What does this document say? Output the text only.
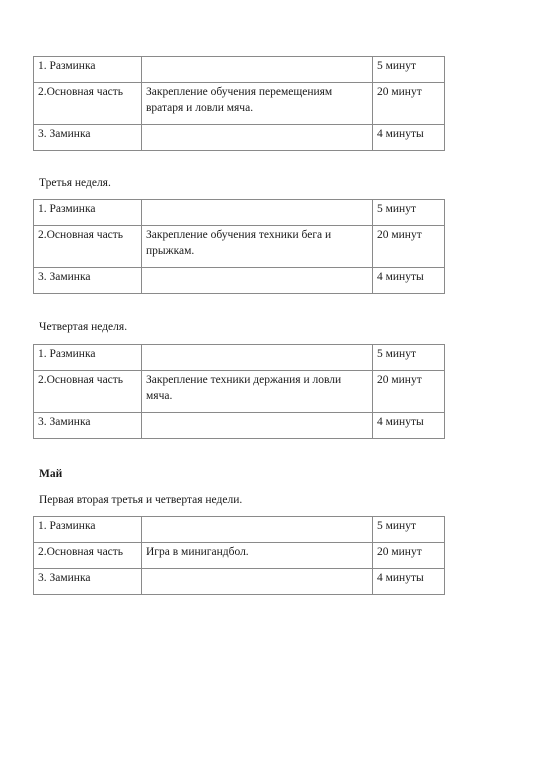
1. Разминка		5 минут
2.Основная часть	Закрепление обучения перемещениям вратаря и ловли мяча.	20 минут
3. Заминка		4 минуты
Третья неделя.
1. Разминка		5 минут
2.Основная часть	Закрепление обучения техники бега и прыжкам.	20 минут
3. Заминка		4 минуты
Четвертая неделя.
1. Разминка		5 минут
2.Основная часть	Закрепление техники держания и ловли мяча.	20 минут
3. Заминка		4 минуты
Май
Первая вторая третья и четвертая недели.
1. Разминка		5 минут
2.Основная часть	Игра в минигандбол.	20 минут
3. Заминка		4 минуты
